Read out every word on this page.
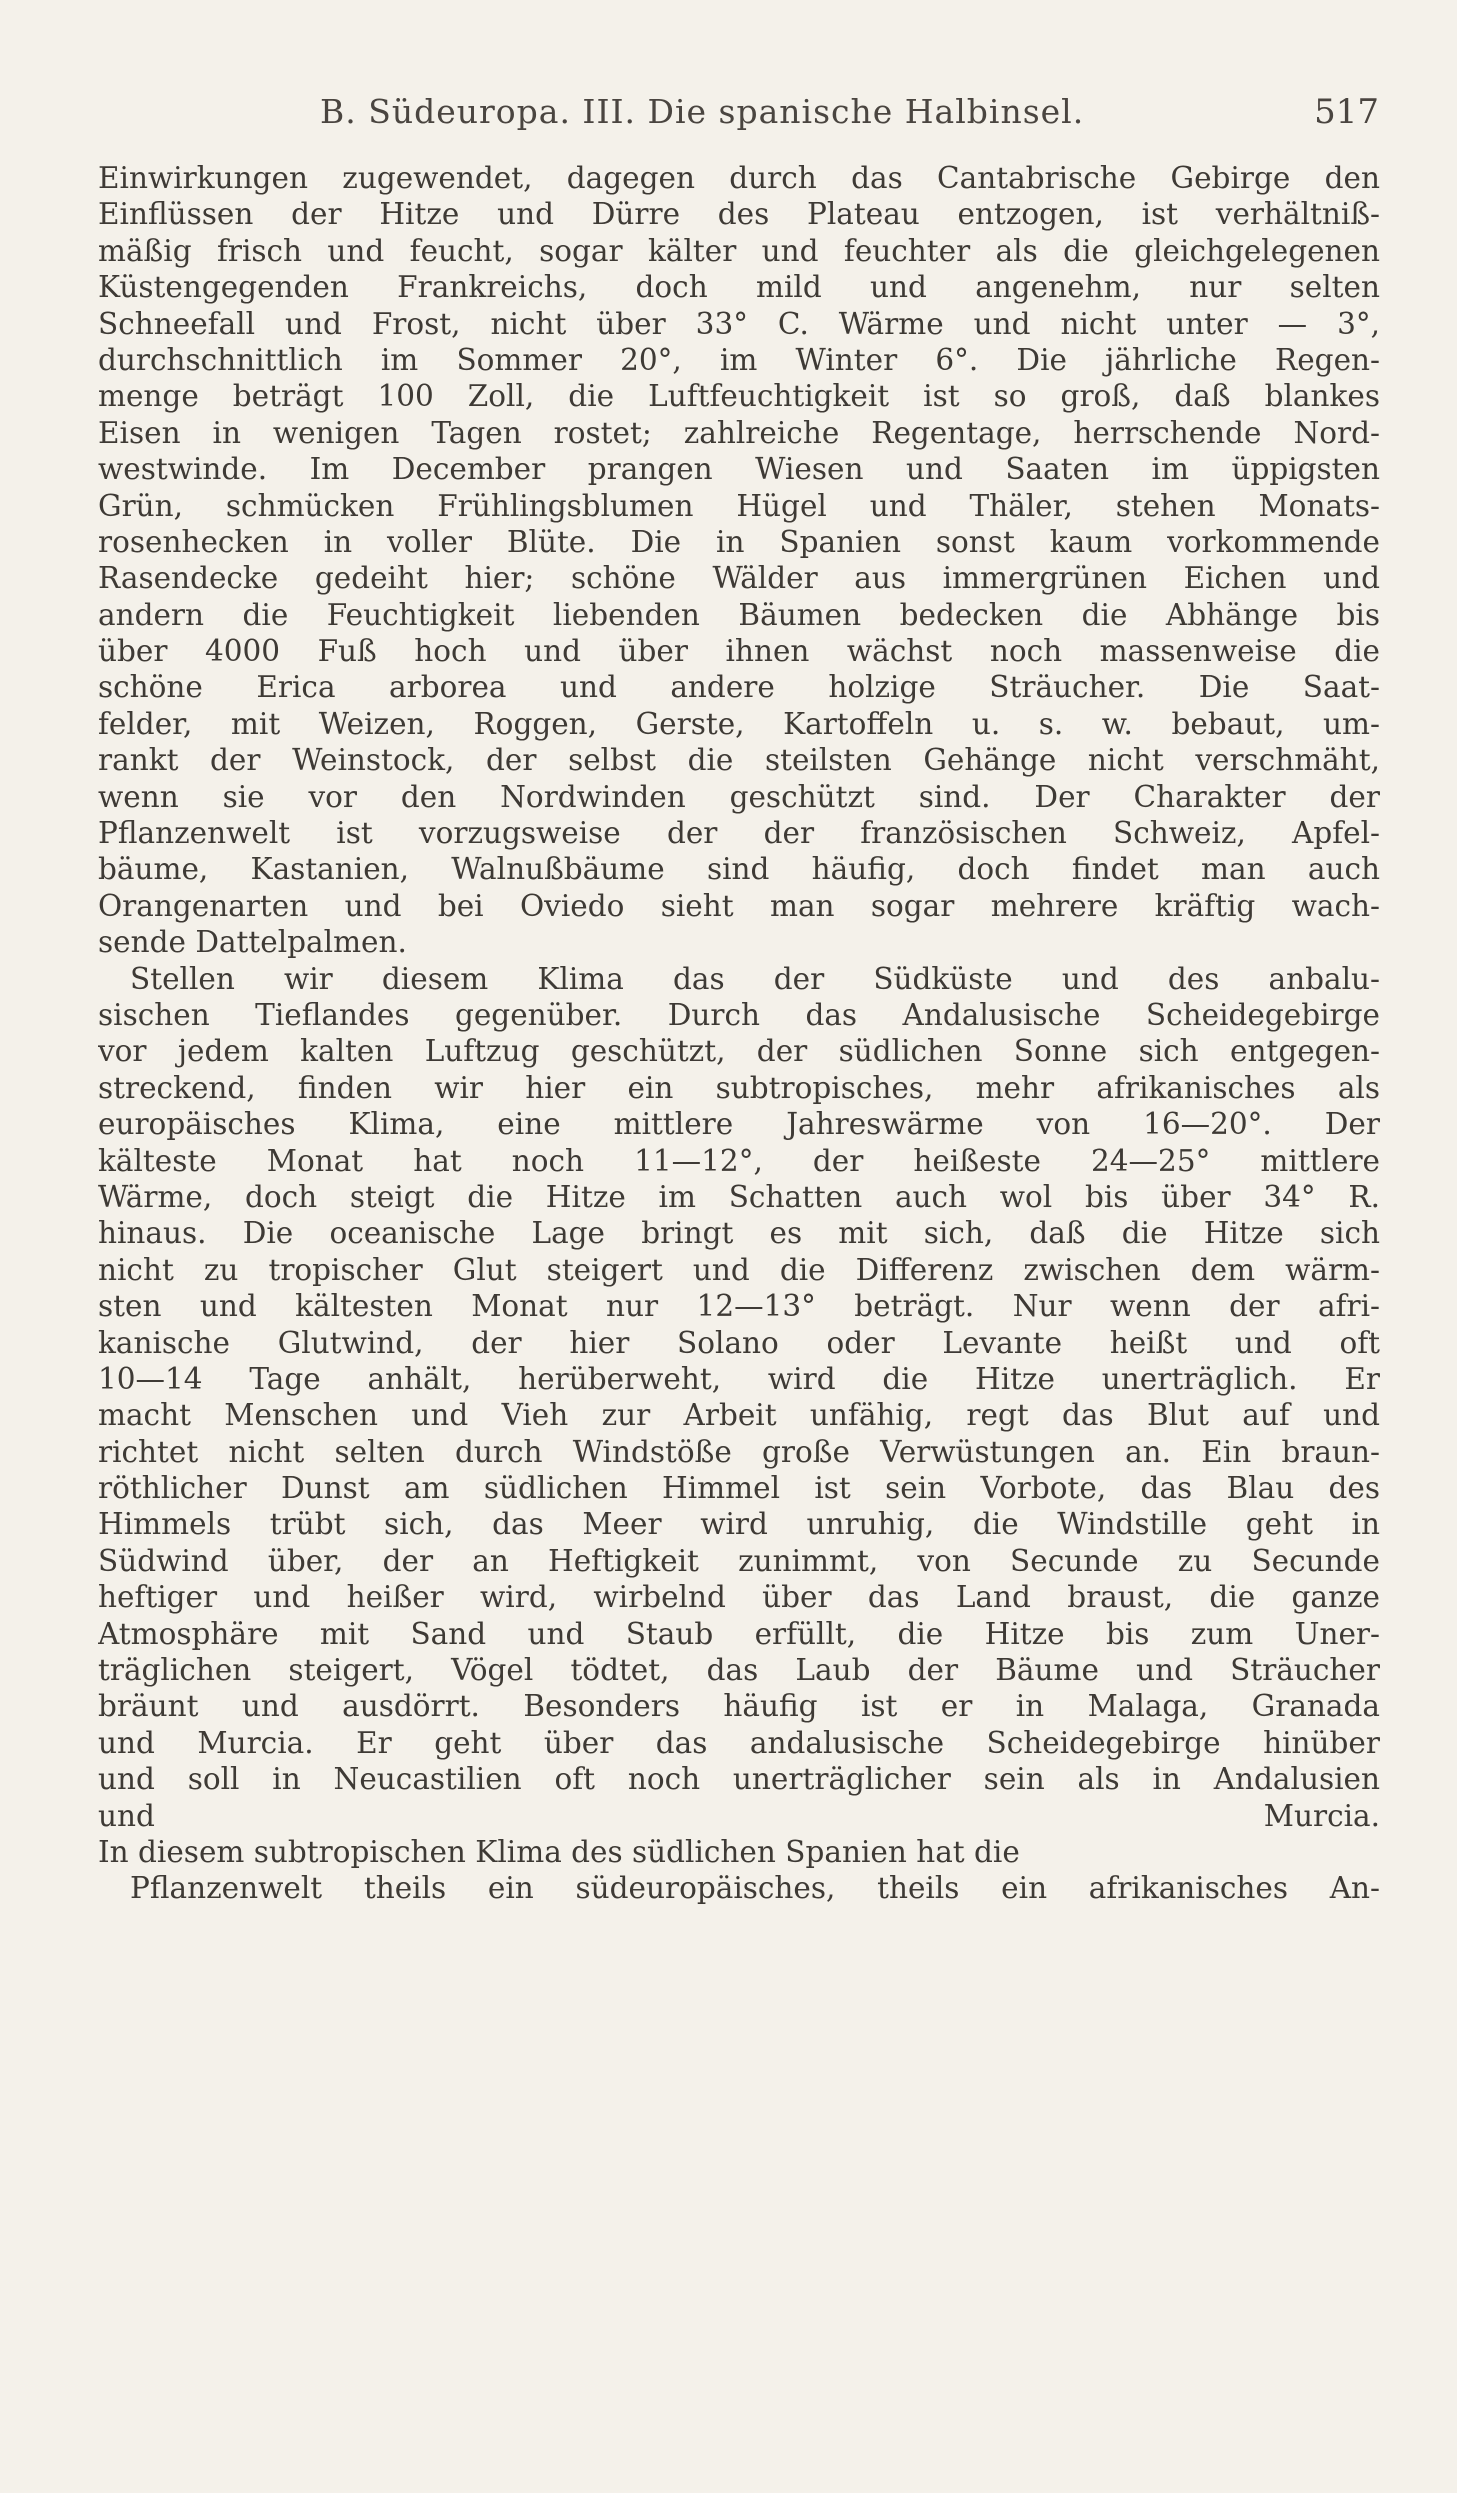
B. Südeuropa. III. Die spanische Halbinsel.	517
Einwirkungen zugewendet, dagegen durch das Cantabrische Gebirge den
Einflüssen der Hitze und Dürre des Plateau entzogen, ist verhältniß-
mäßig frisch und feucht, sogar kälter und feuchter als die gleichgelegenen
Küstengegenden Frankreichs, doch mild und angenehm, nur selten
Schneefall und Frost, nicht über 33° C. Wärme und nicht unter — 3°,
durchschnittlich im Sommer 20°, im Winter 6°. Die jährliche Regen-
menge beträgt 100 Zoll, die Luftfeuchtigkeit ist so groß, daß blankes
Eisen in wenigen Tagen rostet; zahlreiche Regentage, herrschende Nord-
westwinde. Im December prangen Wiesen und Saaten im üppigsten
Grün, schmücken Frühlingsblumen Hügel und Thäler, stehen Monats-
rosenhecken in voller Blüte. Die in Spanien sonst kaum vorkommende
Rasendecke gedeiht hier; schöne Wälder aus immergrünen Eichen und
andern die Feuchtigkeit liebenden Bäumen bedecken die Abhänge bis
über 4000 Fuß hoch und über ihnen wächst noch massenweise die
schöne Erica arborea und andere holzige Sträucher. Die Saat-
felder, mit Weizen, Roggen, Gerste, Kartoffeln u. s. w. bebaut, um-
rankt der Weinstock, der selbst die steilsten Gehänge nicht verschmäht,
wenn sie vor den Nordwinden geschützt sind. Der Charakter der
Pflanzenwelt ist vorzugsweise der der französischen Schweiz, Apfel-
bäume, Kastanien, Walnußbäume sind häufig, doch findet man auch
Orangenarten und bei Oviedo sieht man sogar mehrere kräftig wach-
sende Dattelpalmen.
Stellen wir diesem Klima das der Südküste und des anbalu-
sischen Tieflandes gegenüber. Durch das Andalusische Scheidegebirge
vor jedem kalten Luftzug geschützt, der südlichen Sonne sich entgegen-
streckend, finden wir hier ein subtropisches, mehr afrikanisches als
europäisches Klima, eine mittlere Jahreswärme von 16—20°. Der
kälteste Monat hat noch 11—12°, der heißeste 24—25° mittlere
Wärme, doch steigt die Hitze im Schatten auch wol bis über 34° R.
hinaus. Die oceanische Lage bringt es mit sich, daß die Hitze sich
nicht zu tropischer Glut steigert und die Differenz zwischen dem wärm-
sten und kältesten Monat nur 12—13° beträgt. Nur wenn der afri-
kanische Glutwind, der hier Solano oder Levante heißt und oft
10—14 Tage anhält, herüberweht, wird die Hitze unerträglich. Er
macht Menschen und Vieh zur Arbeit unfähig, regt das Blut auf und
richtet nicht selten durch Windstöße große Verwüstungen an. Ein braun-
röthlicher Dunst am südlichen Himmel ist sein Vorbote, das Blau des
Himmels trübt sich, das Meer wird unruhig, die Windstille geht in
Südwind über, der an Heftigkeit zunimmt, von Secunde zu Secunde
heftiger und heißer wird, wirbelnd über das Land braust, die ganze
Atmosphäre mit Sand und Staub erfüllt, die Hitze bis zum Uner-
träglichen steigert, Vögel tödtet, das Laub der Bäume und Sträucher
bräunt und ausdörrt. Besonders häufig ist er in Malaga, Granada
und Murcia. Er geht über das andalusische Scheidegebirge hinüber
und soll in Neucastilien oft noch unerträglicher sein als in Andalusien
und Murcia.
In diesem subtropischen Klima des südlichen Spanien hat die
Pflanzenwelt theils ein südeuropäisches, theils ein afrikanisches An-
